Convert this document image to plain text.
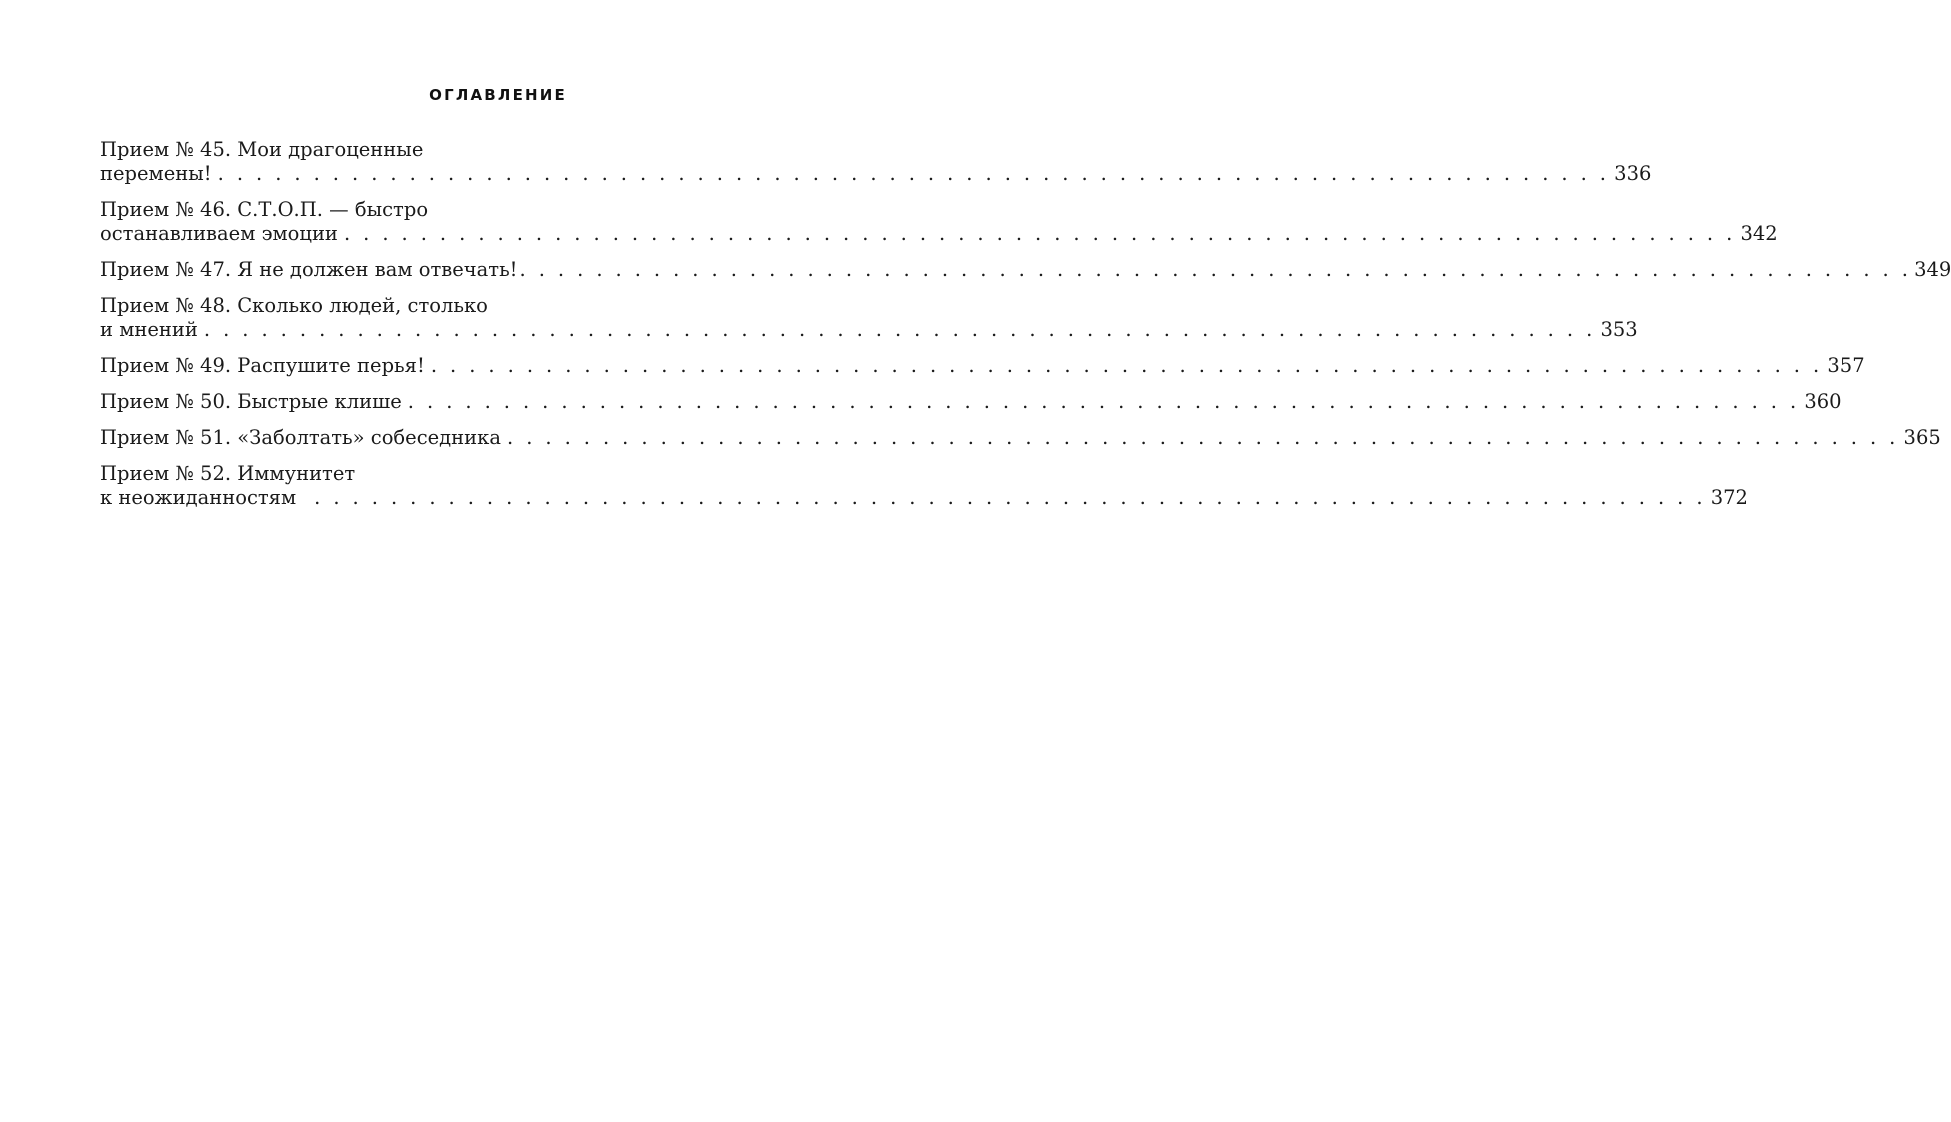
ОГЛАВЛЕНИЕ
Прием № 45. Мои драгоценные
перемены! . . .	336
Прием № 46. С.Т.О.П. — быстро
останавливаем эмоции . . .	342
Прием № 47. Я не должен вам отвечать! . . .	349
Прием № 48. Сколько людей, столько
и мнений . . .	353
Прием № 49. Распушите перья! . . .	357
Прием № 50. Быстрые клише . . .	360
Прием № 51. «Заболтать» собеседника . . .	365
Прием № 52. Иммунитет
к неожиданностям . . .	372
